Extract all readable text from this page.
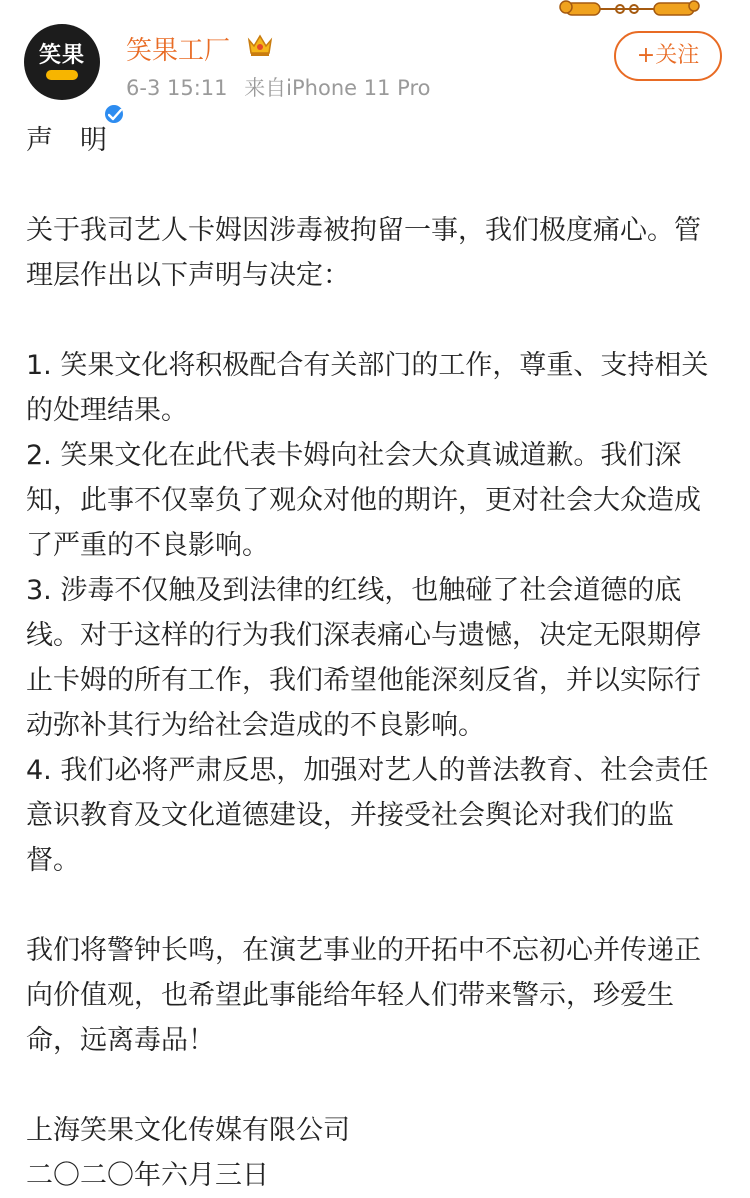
笑果	笑果工厂
6-3 15:11 来自iPhone 11 Pro
+关注

声　明

关于我司艺人卡姆因涉毒被拘留一事，我们极度痛心。管理层作出以下声明与决定：

1. 笑果文化将积极配合有关部门的工作，尊重、支持相关的处理结果。

2. 笑果文化在此代表卡姆向社会大众真诚道歉。我们深知，此事不仅辜负了观众对他的期许，更对社会大众造成了严重的不良影响。

3. 涉毒不仅触及到法律的红线，也触碰了社会道德的底线。对于这样的行为我们深表痛心与遗憾，决定无限期停止卡姆的所有工作，我们希望他能深刻反省，并以实际行动弥补其行为给社会造成的不良影响。

4. 我们必将严肃反思，加强对艺人的普法教育、社会责任意识教育及文化道德建设，并接受社会舆论对我们的监督。

我们将警钟长鸣，在演艺事业的开拓中不忘初心并传递正向价值观，也希望此事能给年轻人们带来警示，珍爱生命，远离毒品！

上海笑果文化传媒有限公司

二〇二〇年六月三日
